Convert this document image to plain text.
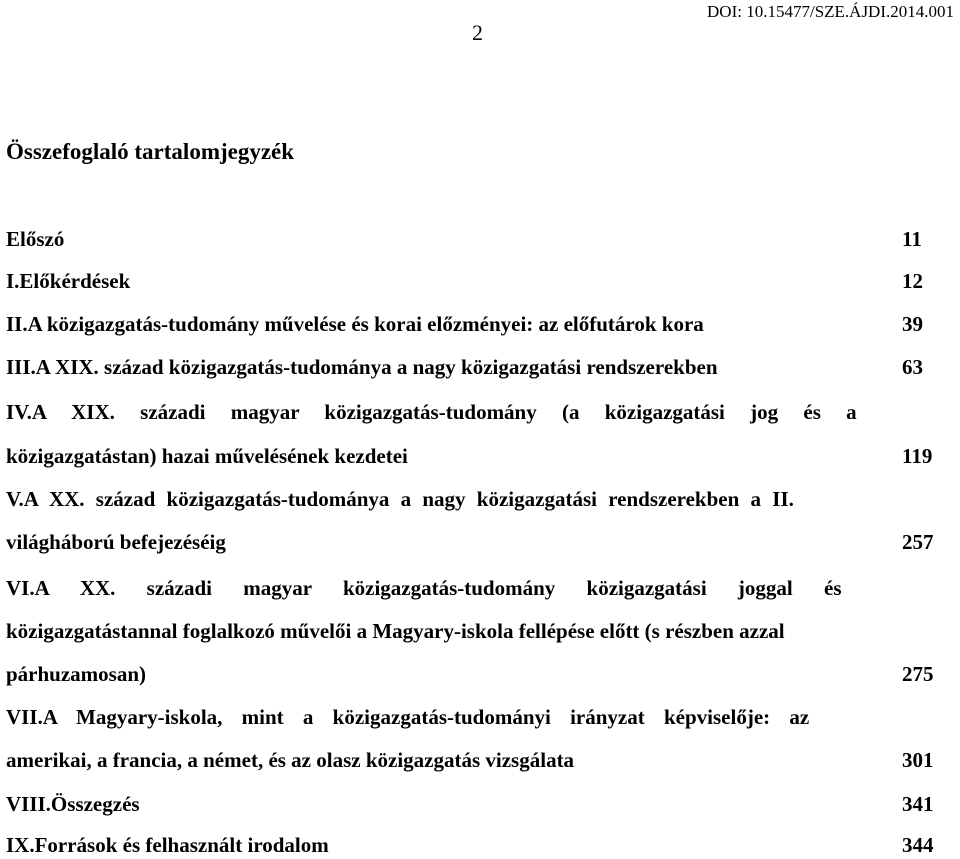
DOI: 10.15477/SZE.ÁJDI.2014.001
2
Összefoglaló tartalomjegyzék
Előszó	11
I.Előkérdések	12
II.A közigazgatás-tudomány művelése és korai előzményei: az előfutárok kora	39
III.A XIX. század közigazgatás-tudománya a nagy közigazgatási rendszerekben	63
IV.A XIX. századi magyar közigazgatás-tudomány (a közigazgatási jog és a
közigazgatástan) hazai művelésének kezdetei	119
V.A XX. század közigazgatás-tudománya a nagy közigazgatási rendszerekben a II.
világháború befejezéséig	257
VI.A XX. századi magyar közigazgatás-tudomány közigazgatási joggal és
közigazgatástannal foglalkozó művelői a Magyary-iskola fellépése előtt (s részben azzal
párhuzamosan)	275
VII.A Magyary-iskola, mint a közigazgatás-tudományi irányzat képviselője: az
amerikai, a francia, a német, és az olasz közigazgatás vizsgálata	301
VIII.Összegzés	341
IX.Források és felhasznált irodalom	344
